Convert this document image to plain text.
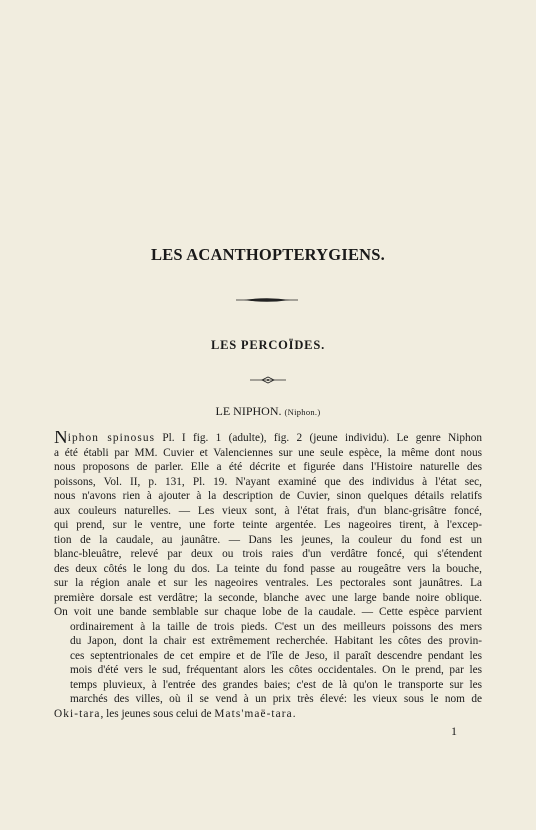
LES ACANTHOPTERYGIENS.
LES PERCOÏDES.
LE NIPHON. (Niphon.)
Niphon spinosus Pl. I fig. 1 (adulte), fig. 2 (jeune individu). Le genre Niphon
a été établi par MM. Cuvier et Valenciennes sur une seule espèce, la même dont nous
nous proposons de parler. Elle a été décrite et figurée dans l'Histoire naturelle des
poissons, Vol. II, p. 131, Pl. 19. N'ayant examiné que des individus à l'état sec,
nous n'avons rien à ajouter à la description de Cuvier, sinon quelques détails relatifs
aux couleurs naturelles. — Les vieux sont, à l'état frais, d'un blanc-grisâtre foncé,
qui prend, sur le ventre, une forte teinte argentée. Les nageoires tirent, à l'excep-
tion de la caudale, au jaunâtre. — Dans les jeunes, la couleur du fond est un
blanc-bleuâtre, relevé par deux ou trois raies d'un verdâtre foncé, qui s'étendent
des deux côtés le long du dos. La teinte du fond passe au rougeâtre vers la bouche,
sur la région anale et sur les nageoires ventrales. Les pectorales sont jaunâtres. La
première dorsale est verdâtre; la seconde, blanche avec une large bande noire oblique.
On voit une bande semblable sur chaque lobe de la caudale. — Cette espèce parvient
ordinairement à la taille de trois pieds. C'est un des meilleurs poissons des mers
du Japon, dont la chair est extrêmement recherchée. Habitant les côtes des provin-
ces septentrionales de cet empire et de l'île de Jeso, il paraît descendre pendant les
mois d'été vers le sud, fréquentant alors les côtes occidentales. On le prend, par les
temps pluvieux, à l'entrée des grandes baies; c'est de là qu'on le transporte sur les
marchés des villes, où il se vend à un prix très élevé: les vieux sous le nom de
Oki-tara, les jeunes sous celui de Mats'maë-tara.
1
